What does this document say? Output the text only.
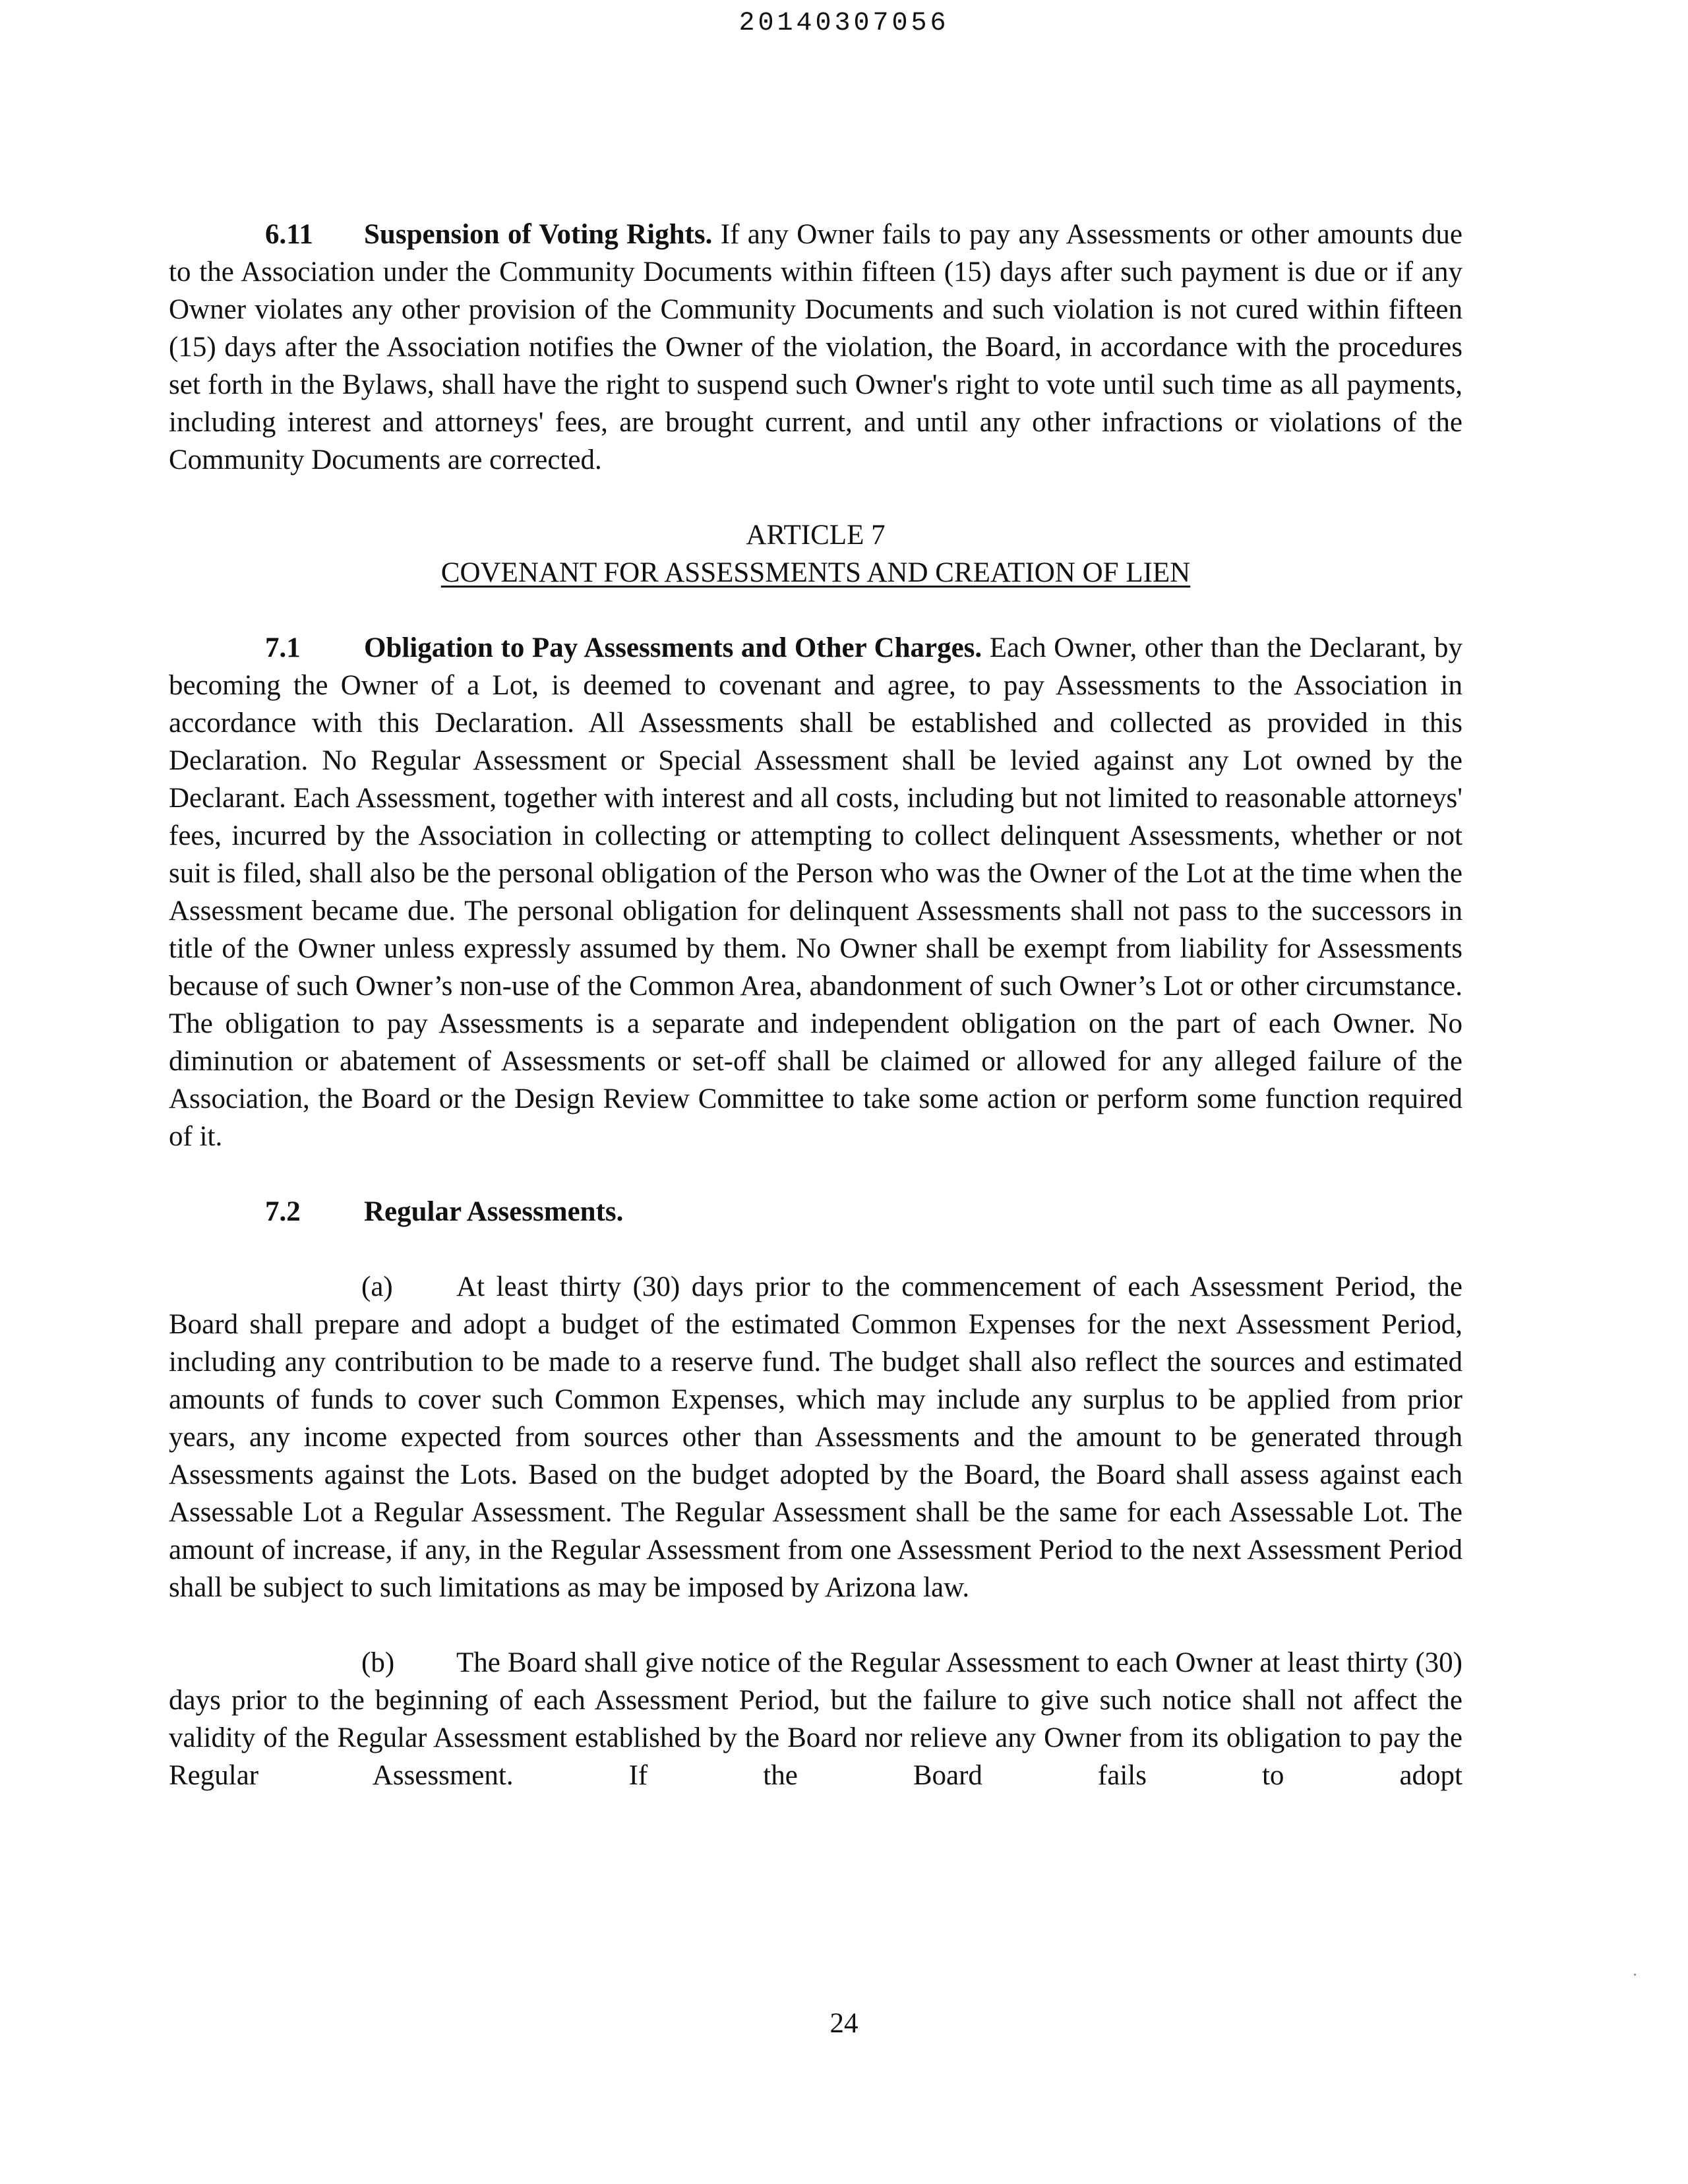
20140307056

6.11 Suspension of Voting Rights. If any Owner fails to pay any Assessments or other amounts due to the Association under the Community Documents within fifteen (15) days after such payment is due or if any Owner violates any other provision of the Community Documents and such violation is not cured within fifteen (15) days after the Association notifies the Owner of the violation, the Board, in accordance with the procedures set forth in the Bylaws, shall have the right to suspend such Owner's right to vote until such time as all payments, including interest and attorneys' fees, are brought current, and until any other infractions or violations of the Community Documents are corrected.

ARTICLE 7

COVENANT FOR ASSESSMENTS AND CREATION OF LIEN

7.1 Obligation to Pay Assessments and Other Charges. Each Owner, other than the Declarant, by becoming the Owner of a Lot, is deemed to covenant and agree, to pay Assessments to the Association in accordance with this Declaration. All Assessments shall be established and collected as provided in this Declaration. No Regular Assessment or Special Assessment shall be levied against any Lot owned by the Declarant. Each Assessment, together with interest and all costs, including but not limited to reasonable attorneys' fees, incurred by the Association in collecting or attempting to collect delinquent Assessments, whether or not suit is filed, shall also be the personal obligation of the Person who was the Owner of the Lot at the time when the Assessment became due. The personal obligation for delinquent Assessments shall not pass to the successors in title of the Owner unless expressly assumed by them. No Owner shall be exempt from liability for Assessments because of such Owner’s non-use of the Common Area, abandonment of such Owner’s Lot or other circumstance. The obligation to pay Assessments is a separate and independent obligation on the part of each Owner. No diminution or abatement of Assessments or set-off shall be claimed or allowed for any alleged failure of the Association, the Board or the Design Review Committee to take some action or perform some function required of it.

7.2 Regular Assessments.

(a) At least thirty (30) days prior to the commencement of each Assessment Period, the Board shall prepare and adopt a budget of the estimated Common Expenses for the next Assessment Period, including any contribution to be made to a reserve fund. The budget shall also reflect the sources and estimated amounts of funds to cover such Common Expenses, which may include any surplus to be applied from prior years, any income expected from sources other than Assessments and the amount to be generated through Assessments against the Lots. Based on the budget adopted by the Board, the Board shall assess against each Assessable Lot a Regular Assessment. The Regular Assessment shall be the same for each Assessable Lot. The amount of increase, if any, in the Regular Assessment from one Assessment Period to the next Assessment Period shall be subject to such limitations as may be imposed by Arizona law.

(b) The Board shall give notice of the Regular Assessment to each Owner at least thirty (30) days prior to the beginning of each Assessment Period, but the failure to give such notice shall not affect the validity of the Regular Assessment established by the Board nor relieve any Owner from its obligation to pay the Regular Assessment. If the Board fails to adopt

24
